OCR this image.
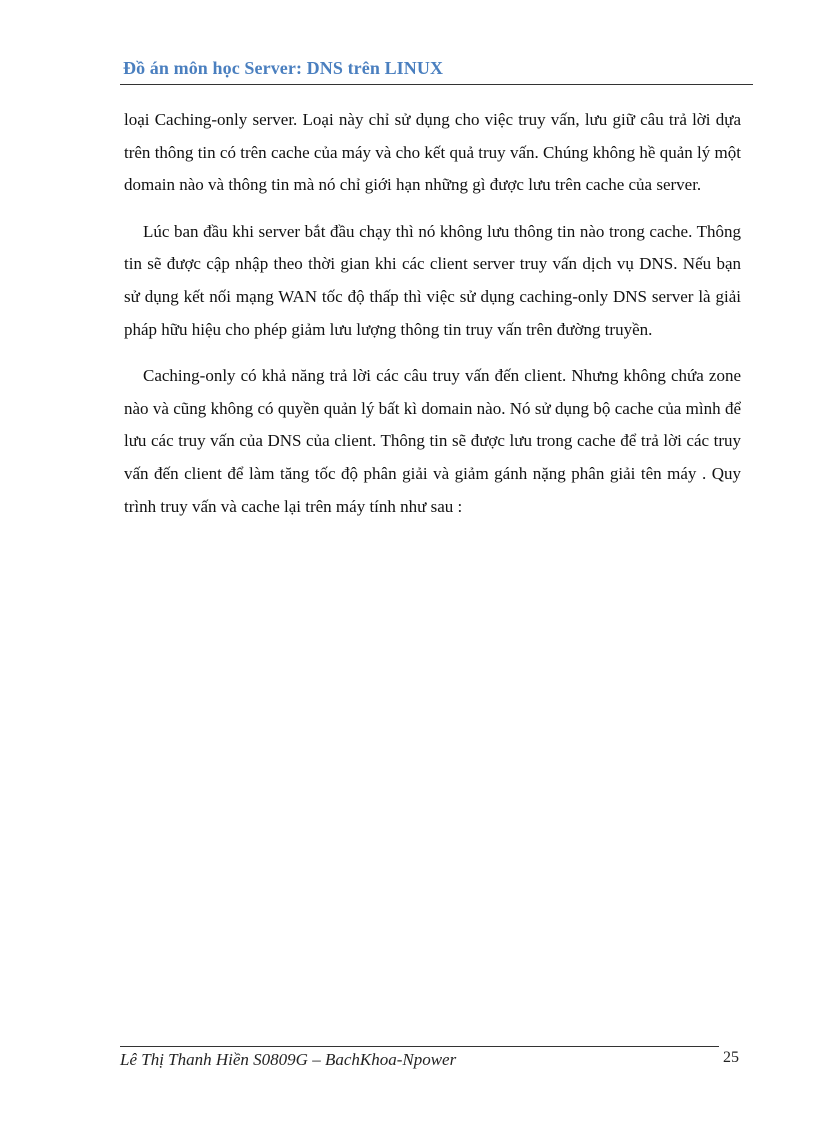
Đồ án môn học Server: DNS trên LINUX

loại Caching-only server. Loại này chỉ sử dụng cho việc truy vấn, lưu giữ câu trả lời dựa trên thông tin có trên cache của máy và cho kết quả truy vấn. Chúng không hề quản lý một domain nào và thông tin mà nó chỉ giới hạn những gì được lưu trên cache của server.

Lúc ban đầu khi server bắt đầu chạy thì nó không lưu thông tin nào trong cache. Thông tin sẽ được cập nhập theo thời gian khi các client server truy vấn dịch vụ DNS. Nếu bạn sử dụng kết nối mạng WAN tốc độ thấp thì việc sử dụng caching-only DNS server là giải pháp hữu hiệu cho phép giảm lưu lượng thông tin truy vấn trên đường truyền.

Caching-only có khả năng trả lời các câu truy vấn đến client. Nhưng không chứa zone nào và cũng không có quyền quản lý bất kì domain nào. Nó sử dụng bộ cache của mình để lưu các truy vấn của DNS của client. Thông tin sẽ được lưu trong cache để trả lời các truy vấn đến client để làm tăng tốc độ phân giải và giảm gánh nặng phân giải tên máy . Quy trình truy vấn và cache lại trên máy tính như sau :

Lê Thị Thanh Hiền S0809G – BachKhoa-Npower	25
